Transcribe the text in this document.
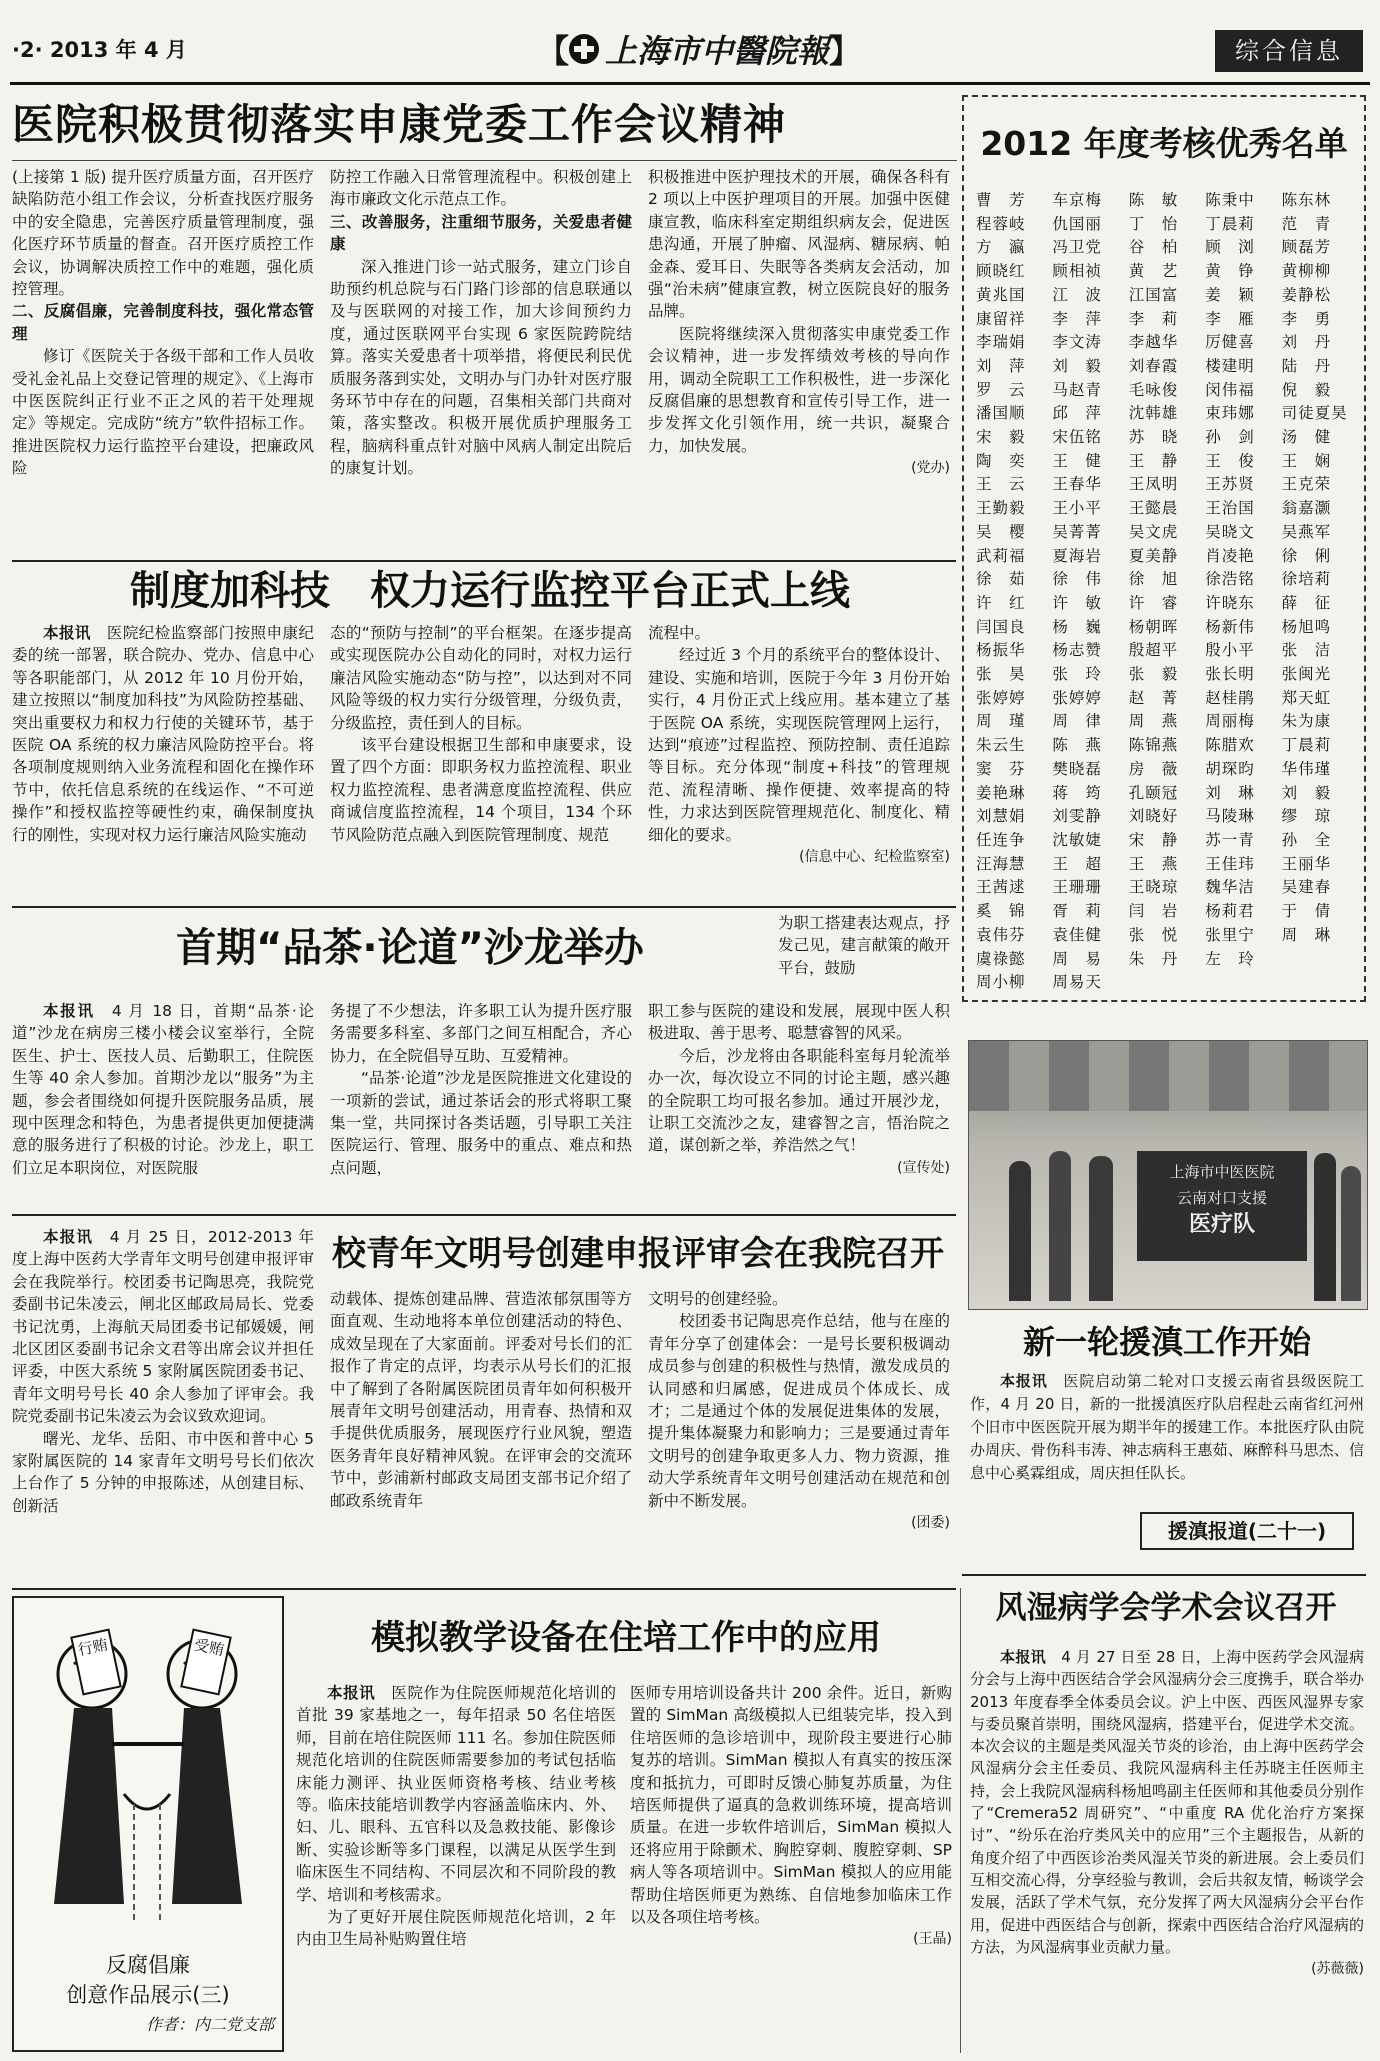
·2· 2013 年 4 月	【 上海市中醫院報 】	综合信息
医院积极贯彻落实申康党委工作会议精神

(上接第 1 版) 提升医疗质量方面，召开医疗缺陷防范小组工作会议，分析查找医疗服务中的安全隐患，完善医疗质量管理制度，强化医疗环节质量的督查。召开医疗质控工作会议，协调解决质控工作中的难题，强化质控管理。

二、反腐倡廉，完善制度科技，强化常态管理

修订《医院关于各级干部和工作人员收受礼金礼品上交登记管理的规定》、《上海市中医医院纠正行业不正之风的若干处理规定》等规定。完成防“统方”软件招标工作。推进医院权力运行监控平台建设，把廉政风险

防控工作融入日常管理流程中。积极创建上海市廉政文化示范点工作。

三、改善服务，注重细节服务，关爱患者健康

深入推进门诊一站式服务，建立门诊自助预约机总院与石门路门诊部的信息联通以及与医联网的对接工作，加大诊间预约力度，通过医联网平台实现 6 家医院跨院结算。落实关爱患者十项举措，将便民利民优质服务落到实处，文明办与门办针对医疗服务环节中存在的问题，召集相关部门共商对策，落实整改。积极开展优质护理服务工程，脑病科重点针对脑中风病人制定出院后的康复计划。

积极推进中医护理技术的开展，确保各科有 2 项以上中医护理项目的开展。加强中医健康宣教，临床科室定期组织病友会，促进医患沟通，开展了肿瘤、风湿病、糖尿病、帕金森、爱耳日、失眠等各类病友会活动，加强“治未病”健康宣教，树立医院良好的服务品牌。

医院将继续深入贯彻落实申康党委工作会议精神，进一步发挥绩效考核的导向作用，调动全院职工工作积极性，进一步深化反腐倡廉的思想教育和宣传引导工作，进一步发挥文化引领作用，统一共识，凝聚合力，加快发展。

(党办)
2012 年度考核优秀名单
曹　芳	车京梅	陈　敏	陈秉中	陈东林
程蓉岐	仇国丽	丁　怡	丁晨莉	范　青
方　瀛	冯卫党	谷　柏	顾　浏	顾磊芳
顾晓红	顾相祯	黄　艺	黄　铮	黄柳柳
黄兆国	江　波	江国富	姜　颖	姜静松
康留祥	李　萍	李　莉	李　雁	李　勇
李瑞娟	李文涛	李越华	厉健喜	刘　丹
刘　萍	刘　毅	刘春霞	楼建明	陆　丹
罗　云	马赵青	毛咏俊	闵伟福	倪　毅
潘国顺	邱　萍	沈韩雄	束玮娜	司徒夏昊
宋　毅	宋伍铭	苏　晓	孙　剑	汤　健
陶　奕	王　健	王　静	王　俊	王　娴
王　云	王春华	王凤明	王苏贤	王克荣
王勤毅	王小平	王懿晨	王治国	翁嘉灏
吴　樱	吴菁菁	吴文虎	吴晓文	吴燕军
武莉福	夏海岩	夏美静	肖凌艳	徐　俐
徐　茹	徐　伟	徐　旭	徐浩铭	徐培莉
许　红	许　敏	许　睿	许晓东	薛　征
闫国良	杨　巍	杨朝晖	杨新伟	杨旭鸣
杨振华	杨志赞	殷超平	殷小平	张　洁
张　昊	张　玲	张　毅	张长明	张闽光
张婷婷	张婷婷	赵　菁	赵桂鹃	郑天虹
周　瑾	周　律	周　燕	周丽梅	朱为康
朱云生	陈　燕	陈锦燕	陈腊欢	丁晨莉
窦　芬	樊晓磊	房　薇	胡琛昀	华伟瑾
姜艳琳	蒋　筠	孔颐冠	刘　琳	刘　毅
刘慧娟	刘雯静	刘晓好	马陵琳	缪　琼
任连争	沈敏婕	宋　静	苏一青	孙　全
汪海慧	王　超	王　燕	王佳玮	王丽华
王茜逑	王珊珊	王晓琼	魏华洁	吴建春
奚　锦	胥　莉	闫　岩	杨莉君	于　倩
袁伟芬	袁佳健	张　悦	张里宁	周　琳
虞祿懿	周　易	朱　丹	左　玲
周小柳	周易天
制度加科技　权力运行监控平台正式上线

本报讯　医院纪检监察部门按照申康纪委的统一部署，联合院办、党办、信息中心等各职能部门，从 2012 年 10 月份开始，建立按照以“制度加科技”为风险防控基础、突出重要权力和权力行使的关键环节，基于医院 OA 系统的权力廉洁风险防控平台。将各项制度规则纳入业务流程和固化在操作环节中，依托信息系统的在线运作、“不可逆操作”和授权监控等硬性约束，确保制度执行的刚性，实现对权力运行廉洁风险实施动

态的“预防与控制”的平台框架。在逐步提高或实现医院办公自动化的同时，对权力运行廉洁风险实施动态“防与控”，以达到对不同风险等级的权力实行分级管理，分级负责，分级监控，责任到人的目标。

该平台建设根据卫生部和申康要求，设置了四个方面：即职务权力监控流程、职业权力监控流程、患者满意度监控流程、供应商诚信度监控流程，14 个项目，134 个环节风险防范点融入到医院管理制度、规范

流程中。

经过近 3 个月的系统平台的整体设计、建设、实施和培训，医院于今年 3 月份开始实行，4 月份正式上线应用。基本建立了基于医院 OA 系统，实现医院管理网上运行，达到“痕迹”过程监控、预防控制、责任追踪等目标。充分体现“制度+科技”的管理规范、流程清晰、操作便捷、效率提高的特性，力求达到医院管理规范化、制度化、精细化的要求。

(信息中心、纪检监察室)
首期“品茶·论道”沙龙举办

为职工搭建表达观点，抒发己见，建言献策的敞开平台，鼓励

本报讯　4 月 18 日，首期“品茶·论道”沙龙在病房三楼小楼会议室举行，全院医生、护士、医技人员、后勤职工，住院医生等 40 余人参加。首期沙龙以“服务”为主题，参会者围绕如何提升医院服务品质，展现中医理念和特色，为患者提供更加便捷满意的服务进行了积极的讨论。沙龙上，职工们立足本职岗位，对医院服

务提了不少想法，许多职工认为提升医疗服务需要多科室、多部门之间互相配合，齐心协力，在全院倡导互助、互爱精神。

“品茶·论道”沙龙是医院推进文化建设的一项新的尝试，通过茶话会的形式将职工聚集一堂，共同探讨各类话题，引导职工关注医院运行、管理、服务中的重点、难点和热点问题，

职工参与医院的建设和发展，展现中医人积极进取、善于思考、聪慧睿智的风采。

今后，沙龙将由各职能科室每月轮流举办一次，每次设立不同的讨论主题，感兴趣的全院职工均可报名参加。通过开展沙龙，让职工交流沙之友，建睿智之言，悟治院之道，谋创新之举，养浩然之气！

(宣传处)	上海市中医医院
云南对口支援
医疗队
新一轮援滇工作开始

本报讯　医院启动第二轮对口支援云南省县级医院工作，4 月 20 日，新的一批援滇医疗队启程赴云南省红河州个旧市中医医院开展为期半年的援建工作。本批医疗队由院办周庆、骨伤科韦涛、神志病科王惠茹、麻醉科马思杰、信息中心奚霖组成，周庆担任队长。

援滇报道(二十一)

本报讯　4 月 25 日，2012-2013 年度上海中医药大学青年文明号创建申报评审会在我院举行。校团委书记陶思亮，我院党委副书记朱凌云，闸北区邮政局局长、党委书记沈勇，上海航天局团委书记郁媛媛，闸北区团区委副书记余文君等出席会议并担任评委，中医大系统 5 家附属医院团委书记、青年文明号号长 40 余人参加了评审会。我院党委副书记朱凌云为会议致欢迎词。

曙光、龙华、岳阳、市中医和普中心 5 家附属医院的 14 家青年文明号号长们依次上台作了 5 分钟的申报陈述，从创建目标、创新活

校青年文明号创建申报评审会在我院召开

动载体、提炼创建品牌、营造浓郁氛围等方面直观、生动地将本单位创建活动的特色、成效呈现在了大家面前。评委对号长们的汇报作了肯定的点评，均表示从号长们的汇报中了解到了各附属医院团员青年如何积极开展青年文明号创建活动，用青春、热情和双手提供优质服务，展现医疗行业风貌，塑造医务青年良好精神风貌。在评审会的交流环节中，彭浦新村邮政支局团支部书记介绍了邮政系统青年

文明号的创建经验。

校团委书记陶思亮作总结，他与在座的青年分享了创建体会：一是号长要积极调动成员参与创建的积极性与热情，激发成员的认同感和归属感，促进成员个体成长、成才；二是通过个体的发展促进集体的发展，提升集体凝聚力和影响力；三是要通过青年文明号的创建争取更多人力、物力资源，推动大学系统青年文明号创建活动在规范和创新中不断发展。

(团委)
行贿	受贿
反腐倡廉
创意作品展示(三)
作者：内二党支部
模拟教学设备在住培工作中的应用

本报讯　医院作为住院医师规范化培训的首批 39 家基地之一，每年招录 50 名住培医师，目前在培住院医师 111 名。参加住院医师规范化培训的住院医师需要参加的考试包括临床能力测评、执业医师资格考核、结业考核等。临床技能培训教学内容涵盖临床内、外、妇、儿、眼科、五官科以及急救技能、影像诊断、实验诊断等多门课程，以满足从医学生到临床医生不同结构、不同层次和不同阶段的教学、培训和考核需求。

为了更好开展住院医师规范化培训，2 年内由卫生局补贴购置住培

医师专用培训设备共计 200 余件。近日，新购置的 SimMan 高级模拟人已组装完毕，投入到住培医师的急诊培训中，现阶段主要进行心肺复苏的培训。SimMan 模拟人有真实的按压深度和抵抗力，可即时反馈心肺复苏质量，为住培医师提供了逼真的急救训练环境，提高培训质量。在进一步软件培训后，SimMan 模拟人还将应用于除颤术、胸腔穿刺、腹腔穿刺、SP 病人等各项培训中。SimMan 模拟人的应用能帮助住培医师更为熟练、自信地参加临床工作以及各项住培考核。

(王晶)
风湿病学会学术会议召开

本报讯　4 月 27 日至 28 日，上海中医药学会风湿病分会与上海中西医结合学会风湿病分会三度携手，联合举办 2013 年度春季全体委员会议。沪上中医、西医风湿界专家与委员聚首崇明，围绕风湿病，搭建平台，促进学术交流。本次会议的主题是类风湿关节炎的诊治，由上海中医药学会风湿病分会主任委员、我院风湿病科主任苏晓主任医师主持，会上我院风湿病科杨旭鸣副主任医师和其他委员分别作了“Cremera52 周研究”、“中重度 RA 优化治疗方案探讨”、“纷乐在治疗类风关中的应用”三个主题报告，从新的角度介绍了中西医诊治类风湿关节炎的新进展。会上委员们互相交流心得，分享经验与教训，会后共叙友情，畅谈学会发展，活跃了学术气氛，充分发挥了两大风湿病分会平台作用，促进中西医结合与创新，探索中西医结合治疗风湿病的方法，为风湿病事业贡献力量。

(苏薇薇)
